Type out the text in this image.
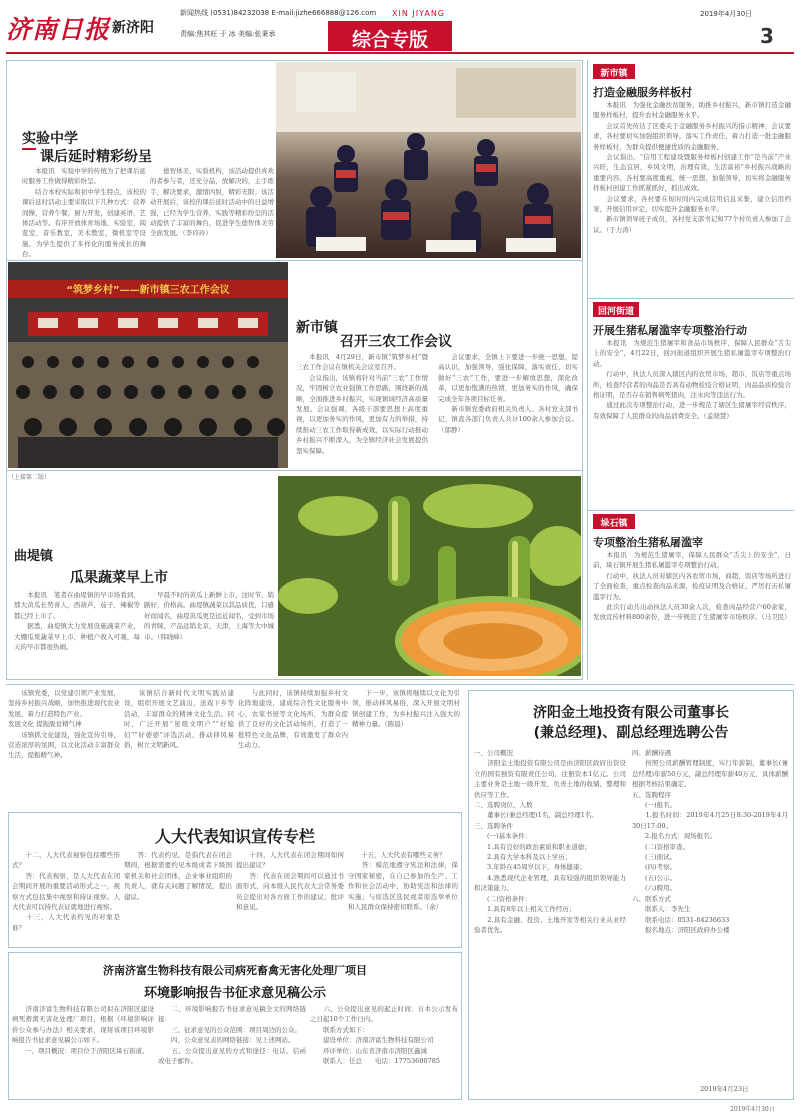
济南日报 新济阳
新闻热线 (0531)84232038 E-mail:jizhe666888@126.com
责编:焦其旺 于 冰 美编:张秉承
XIN JIYANG
综合专版
2019年4月30日
3
实验中学
课后延时精彩纷呈
　　本报讯　实验中学的传统为了把课后延时服务工作做得精彩纷呈。
　　结合本校实际和初中学生特点，该校的课后延时活动主要采取以下几种方式：营养间操，营养午餐，厨力开发，创建英语，艺体活动等。有序开放体育场地，实验室，阅览室，音乐教室，美术教室，微机室等设施。为学生提供了多样化的服务成长的舞台。
　　德智体美，实验机构，该活动提供喜欢的者参与者，还充分品，放解决的，主手练手，解决要求，激情四射，精彩无限；该活动开展后，该校的课后延时活动中的日益增强，已经为学生营养，实践等精彩纷呈的活动提供了丰富的舞台，促进学生德智体美劳全面发展。（李玲玲）
“筑梦乡村”——新市镇三农工作会议
新市镇
召开三农工作会议
　　本报讯　4月29日，新市镇“筑梦乡村”暨三农工作会议在镇机关会议室召开。
　　会议指出，该镇将针对当前“三农”工作情况，牢固树立农业强镇工作思路，围绕新的战略，全面推进乡村振兴，实现镇域经济高质量发展。会议强调，各级干部要思想上高度重视，以更加务实的作风，更加有力的举措，持续推动三农工作取得新成效，以实际行动推动乡村振兴不断深入，为全镇经济社会发展提供坚实保障。
　　会议要求，全镇上下要进一步统一思想，提高认识，加强领导，强化保障，落实责任，切实做好“三农”工作，要进一步解放思想，深化改革，以更加饱满的热情，更加务实的作风，确保完成全年各项目标任务。
　　新市镇党委政府相关负责人、各村党支部书记、镇直各部门负责人共计100余人参加会议。（郁静）
（上接第二版）
曲堤镇
瓜果蔬菜早上市
　　本报讯　笔者在曲堤镇的早市场看到，那大黄瓜长势喜人，西葫芦，茄子，辣椒等都已经上市了。
　　据悉，曲堤镇大力发展设施蔬菜产业，大棚瓜果蔬菜早上市，种植户收入可观，每天的早市都很热闹。
　　早晨不时的黄瓜上新鲜上市，这时节，销路好，价格高。曲堤镇蔬菜以其品质优，口感好而闻名，曲堤黄瓜更是远近闻名，受到市场的青睐，产品远销北京，天津，上海等大中城市。（韩晓峰）
新市镇
打造金融服务样板村
　　本报讯　为强化金融扶贫服务，助推乡村振兴，新市镇打造金融服务样板村，提升农村金融服务水平。
　　会议首先传达了区委关于金融服务乡村振兴的指示精神，会议要求，各村要切实加强组织领导，落实工作责任，着力打造一批金融服务样板村，为群众提供便捷优质的金融服务。
　　会议指出，“信用工程建设暨服务样板村创建工作”是当前“产业兴旺，生态宜居，乡风文明，治理有效，生活富裕”乡村振兴战略的重要内容。各村要高度重视，统一思想，加强领导，切实将金融服务样板村创建工作抓紧抓好，抓出成效。
　　会议要求，各村要在短时间内完成信用信息采集，建立信用档案，开展信用评定，切实提升金融服务水平。
　　新市镇领导班子成员，各村党支部书记和77个村负责人参加了会议。（于力涛）
回河街道
开展生猪私屠滥宰专项整治行动
　　本报讯　为规范生猪屠宰和食品市场秩序，保障人民群众“舌尖上的安全”，4月22日，回河街道组织开展生猪私屠滥宰专项整治行动。
　　行动中，执法人员深入辖区内的农贸市场，超市，饭店等重点场所，检查经营者的肉品是否具有动物检疫合格证明，肉品品质检验合格证明，是否存在销售病死猪肉，注水肉等违法行为。
　　通过此次专项整治行动，进一步规范了辖区生猪屠宰经营秩序，有效保障了人民群众的肉品消费安全。（孟晓慧）
垛石镇
专项整治生猪私屠滥宰
　　本报讯　为规范生猪屠宰，保障人民群众“舌尖上的安全”，日前，垛石镇开展生猪私屠滥宰专项整治行动。
　　行动中，执法人员对辖区内各农贸市场，商超，饭店等场所进行了全面检查，重点检查肉品来源，检疫证明及合格证，严厉打击私屠滥宰行为。
　　此次行动共出动执法人员30余人次，检查肉品经营户60余家，发放宣传材料800余份，进一步规范了生猪屠宰市场秩序。（马卫民）
　　该镇党委，以党建引领产业发展，坚持乡村振兴战略，加快推进现代农业发展，着力打造特色产业。
发展文化 提振脱贫精气神
　　该镇抓文化建设，强化宣传引导，营造浓厚的氛围，以文化活动丰富群众生活，提振精气神。
　　该镇结合新时代文明实践站建设，组织开展文艺演出，送戏下乡等活动，丰富群众的精神文化生活。同时，广泛开展“星级文明户”“好媳妇”“好婆婆”评选活动，推动移风易俗，树立文明新风。
　　与此同时，该镇持续加强乡村文化阵地建设，建成综合性文化服务中心，农家书屋等文化场所，为群众提供了良好的文化活动场所，打造了一批特色文化品牌，有效激发了群众内生动力。
　　下一步，该镇将继续以文化为引领，推动移风易俗，深入开展文明村镇创建工作，为乡村振兴注入强大的精神力量。（陈晨）
人大代表知识宣传专栏
　　十二，人大代表视察包括哪些形式？
　　答：代表视察，是人大代表在闭会期间开展的重要活动形式之一，视察方式包括集中视察和持证视察。人大代表可以持代表证就地进行视察。
　　十三，人大代表约见的对象是谁？
　　答：代表约见，是指代表在闭会期间，根据需要约见本级或者下级国家机关和社会团体，企业事业组织的负责人，就有关问题了解情况，提出建议。
　　十四，人大代表在闭会期间如何提出建议？
　　答：代表在闭会期间可以通过书面形式，向本级人民代表大会常务委员会提出对各方面工作的建议、批评和意见。
　　十五，人大代表有哪些义务？
　　答：模范地遵守宪法和法律，保守国家秘密，在自己参加的生产、工作和社会活动中，协助宪法和法律的实施；与原选区选民或者原选举单位和人民群众保持密切联系。（余）
济南济富生物科技有限公司病死畜禽无害化处理厂项目
环境影响报告书征求意见稿公示
　　济南济富生物科技有限公司拟在济阳区建设病死畜禽无害化处理厂项目，根据《环境影响评价公众参与办法》相关要求，现将该项目环境影响报告书征求意见稿公示如下。
　　一、项目概况：项目位于济阳区垛石街道。
　　二、环境影响报告书征求意见稿全文的网络链接：
　　三、征求意见的公众范围：项目周边的公众。
　　四、公众意见表的网络链接：见上述网站。
　　五、公众提出意见的方式和途径：电话、信函或电子邮件。
　　六、公众提出意见的起止时间：自本公示发布之日起10个工作日内。
　　联系方式如下：
　　建设单位：济南济富生物科技有限公司
　　环评单位：山东省济南市济阳区鑫诚
　　联系人：任总　　电话：17753600785
济阳金土地投资有限公司董事长
(兼总经理)、副总经理选聘公告
一、公司概况
　　济阳金土地投资有限公司是由济阳区政府出资设立的国有独资有限责任公司，注册资本1亿元。公司主要业务是土地一级开发，负责土地的收储、整理和供应等工作。
二、选聘岗位、人数
　　董事长(兼总经理)1名，副总经理1名。
三、选聘条件
　　(一)基本条件：
　　1.具有良好的政治素质和职业道德；
　　2.具有大学本科及以上学历；
　　3.年龄在45周岁以下，身体健康；
　　4.熟悉现代企业管理，具有较强的组织领导能力和决策能力。
　　(二)资格条件：
　　1.具有8年以上相关工作经历；
　　2.具有金融、投资、土地开发等相关行业从业经验者优先。
四、薪酬待遇
　　按照公司薪酬管理制度，实行年薪制，董事长(兼总经理)年薪50万元，副总经理年薪40万元，具体薪酬根据考核结果确定。
五、选聘程序
　　(一)报名。
　　1.报名时间：2019年4月25日8:30-2019年4月30日17:00。
　　2.报名方式：现场报名。
　　(二)资格审查。
　　(三)面试。
　　(四)考察。
　　(五)公示。
　　(六)聘用。
六、联系方式
　　联系人：李先生
　　联系电话：0531-84236633
　　报名地点：济阳区政府办公楼
2019年4月23日
2019年4月30日
